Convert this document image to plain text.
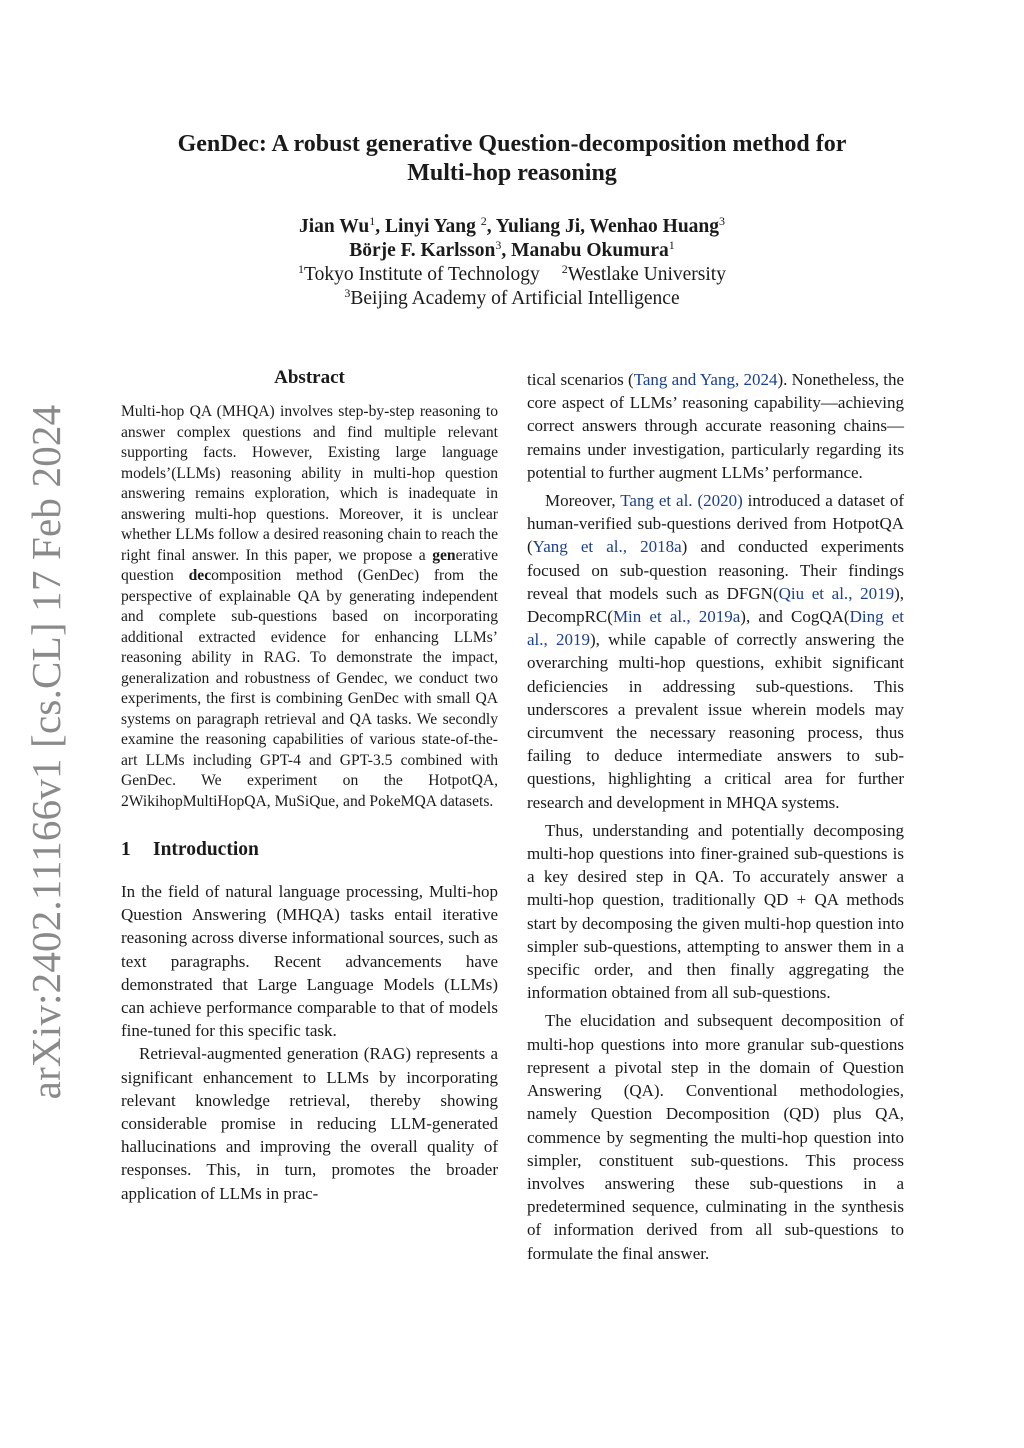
arXiv:2402.11166v1 [cs.CL] 17 Feb 2024
GenDec: A robust generative Question-decomposition method for
Multi-hop reasoning
Jian Wu$^1$, Linyi Yang $^2$, Yuliang Ji, Wenhao Huang$^3$
Börje F. Karlsson$^3$, Manabu Okumura$^1$
$^1$Tokyo Institute of Technology $^2$Westlake University
$^3$Beijing Academy of Artificial Intelligence
Abstract

Multi-hop QA (MHQA) involves step-by-step reasoning to answer complex questions and find multiple relevant supporting facts. However, Existing large language models’(LLMs) reasoning ability in multi-hop question answering remains exploration, which is inadequate in answering multi-hop questions. Moreover, it is unclear whether LLMs follow a desired reasoning chain to reach the right final answer. In this paper, we propose a generative question decomposition method (GenDec) from the perspective of explainable QA by generating independent and complete sub-questions based on incorporating additional extracted evidence for enhancing LLMs’ reasoning ability in RAG. To demonstrate the impact, generalization and robustness of Gendec, we conduct two experiments, the first is combining GenDec with small QA systems on paragraph retrieval and QA tasks. We secondly examine the reasoning capabilities of various state-of-the-art LLMs including GPT-4 and GPT-3.5 combined with GenDec. We experiment on the HotpotQA, 2WikihopMultiHopQA, MuSiQue, and PokeMQA datasets.

1 Introduction

In the field of natural language processing, Multi-hop Question Answering (MHQA) tasks entail iterative reasoning across diverse informational sources, such as text paragraphs. Recent advancements have demonstrated that Large Language Models (LLMs) can achieve performance comparable to that of models fine-tuned for this specific task.

Retrieval-augmented generation (RAG) represents a significant enhancement to LLMs by incorporating relevant knowledge retrieval, thereby showing considerable promise in reducing LLM-generated hallucinations and improving the overall quality of responses. This, in turn, promotes the broader application of LLMs in prac-

tical scenarios (Tang and Yang, 2024). Nonetheless, the core aspect of LLMs’ reasoning capability—achieving correct answers through accurate reasoning chains—remains under investigation, particularly regarding its potential to further augment LLMs’ performance.

Moreover, Tang et al. (2020) introduced a dataset of human-verified sub-questions derived from HotpotQA (Yang et al., 2018a) and conducted experiments focused on sub-question reasoning. Their findings reveal that models such as DFGN(Qiu et al., 2019), DecompRC(Min et al., 2019a), and CogQA(Ding et al., 2019), while capable of correctly answering the overarching multi-hop questions, exhibit significant deficiencies in addressing sub-questions. This underscores a prevalent issue wherein models may circumvent the necessary reasoning process, thus failing to deduce intermediate answers to sub-questions, highlighting a critical area for further research and development in MHQA systems.

Thus, understanding and potentially decomposing multi-hop questions into finer-grained sub-questions is a key desired step in QA. To accurately answer a multi-hop question, traditionally QD + QA methods start by decomposing the given multi-hop question into simpler sub-questions, attempting to answer them in a specific order, and then finally aggregating the information obtained from all sub-questions.

The elucidation and subsequent decomposition of multi-hop questions into more granular sub-questions represent a pivotal step in the domain of Question Answering (QA). Conventional methodologies, namely Question Decomposition (QD) plus QA, commence by segmenting the multi-hop question into simpler, constituent sub-questions. This process involves answering these sub-questions in a predetermined sequence, culminating in the synthesis of information derived from all sub-questions to formulate the final answer.
